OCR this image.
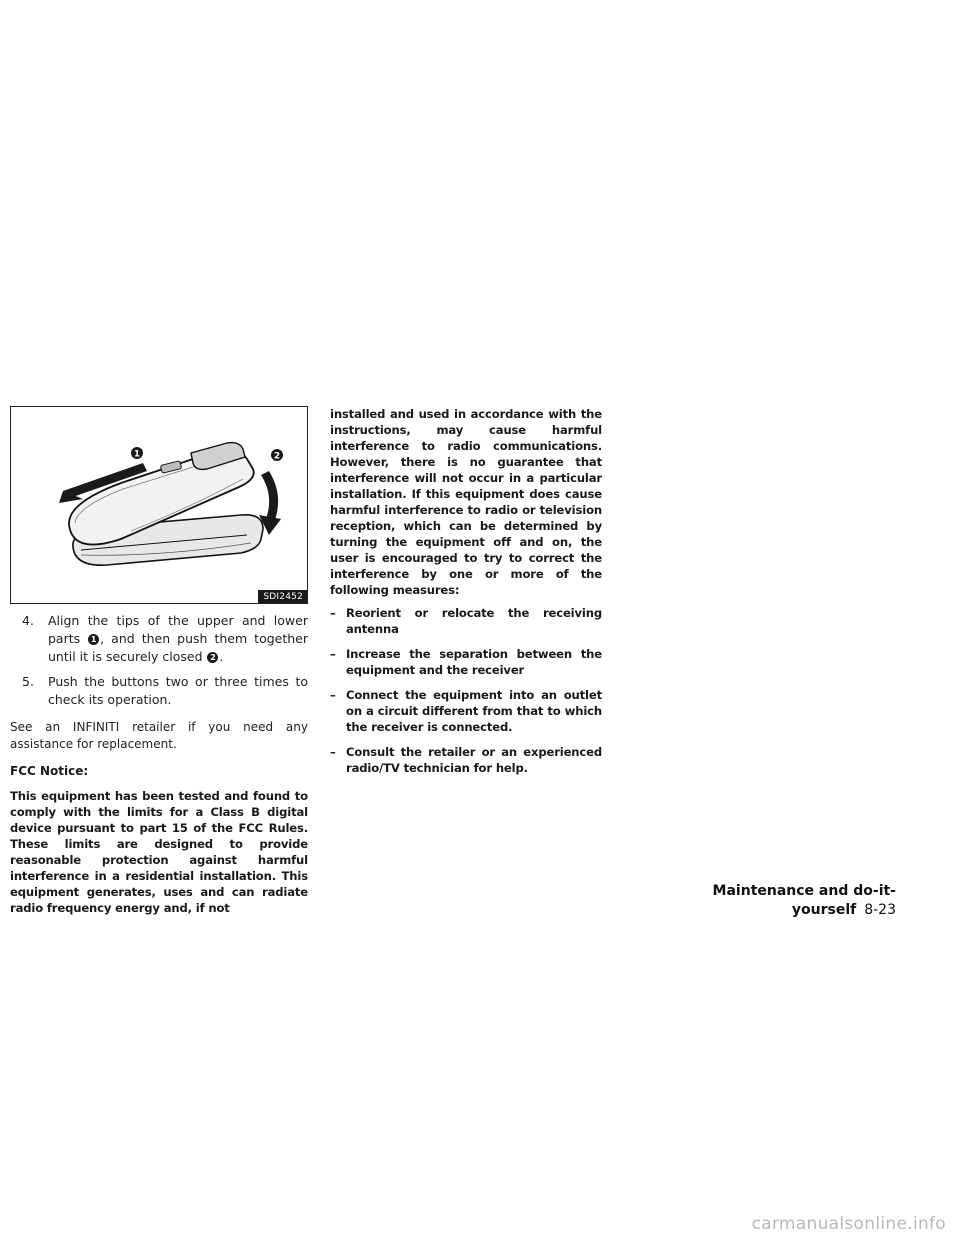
1	2
SDI2452
4. Align the tips of the upper and lower parts 1 , and then push them together until it is securely closed 2 .
5. Push the buttons two or three times to check its operation.

See an INFINITI retailer if you need any assistance for replacement.

FCC Notice:

This equipment has been tested and found to comply with the limits for a Class B digital device pursuant to part 15 of the FCC Rules. These limits are designed to provide reasonable protection against harmful interference in a residential installation. This equipment generates, uses and can radiate radio frequency energy and, if not

installed and used in accordance with the instructions, may cause harmful interference to radio communications. However, there is no guarantee that interference will not occur in a particular installation. If this equipment does cause harmful interference to radio or television reception, which can be determined by turning the equipment off and on, the user is encouraged to try to correct the interference by one or more of the following measures:

– Reorient or relocate the receiving antenna
– Increase the separation between the equipment and the receiver
– Connect the equipment into an outlet on a circuit different from that to which the receiver is connected.
– Consult the retailer or an experienced radio/TV technician for help.
Maintenance and do-it-yourself 8-23
carmanualsonline.info
